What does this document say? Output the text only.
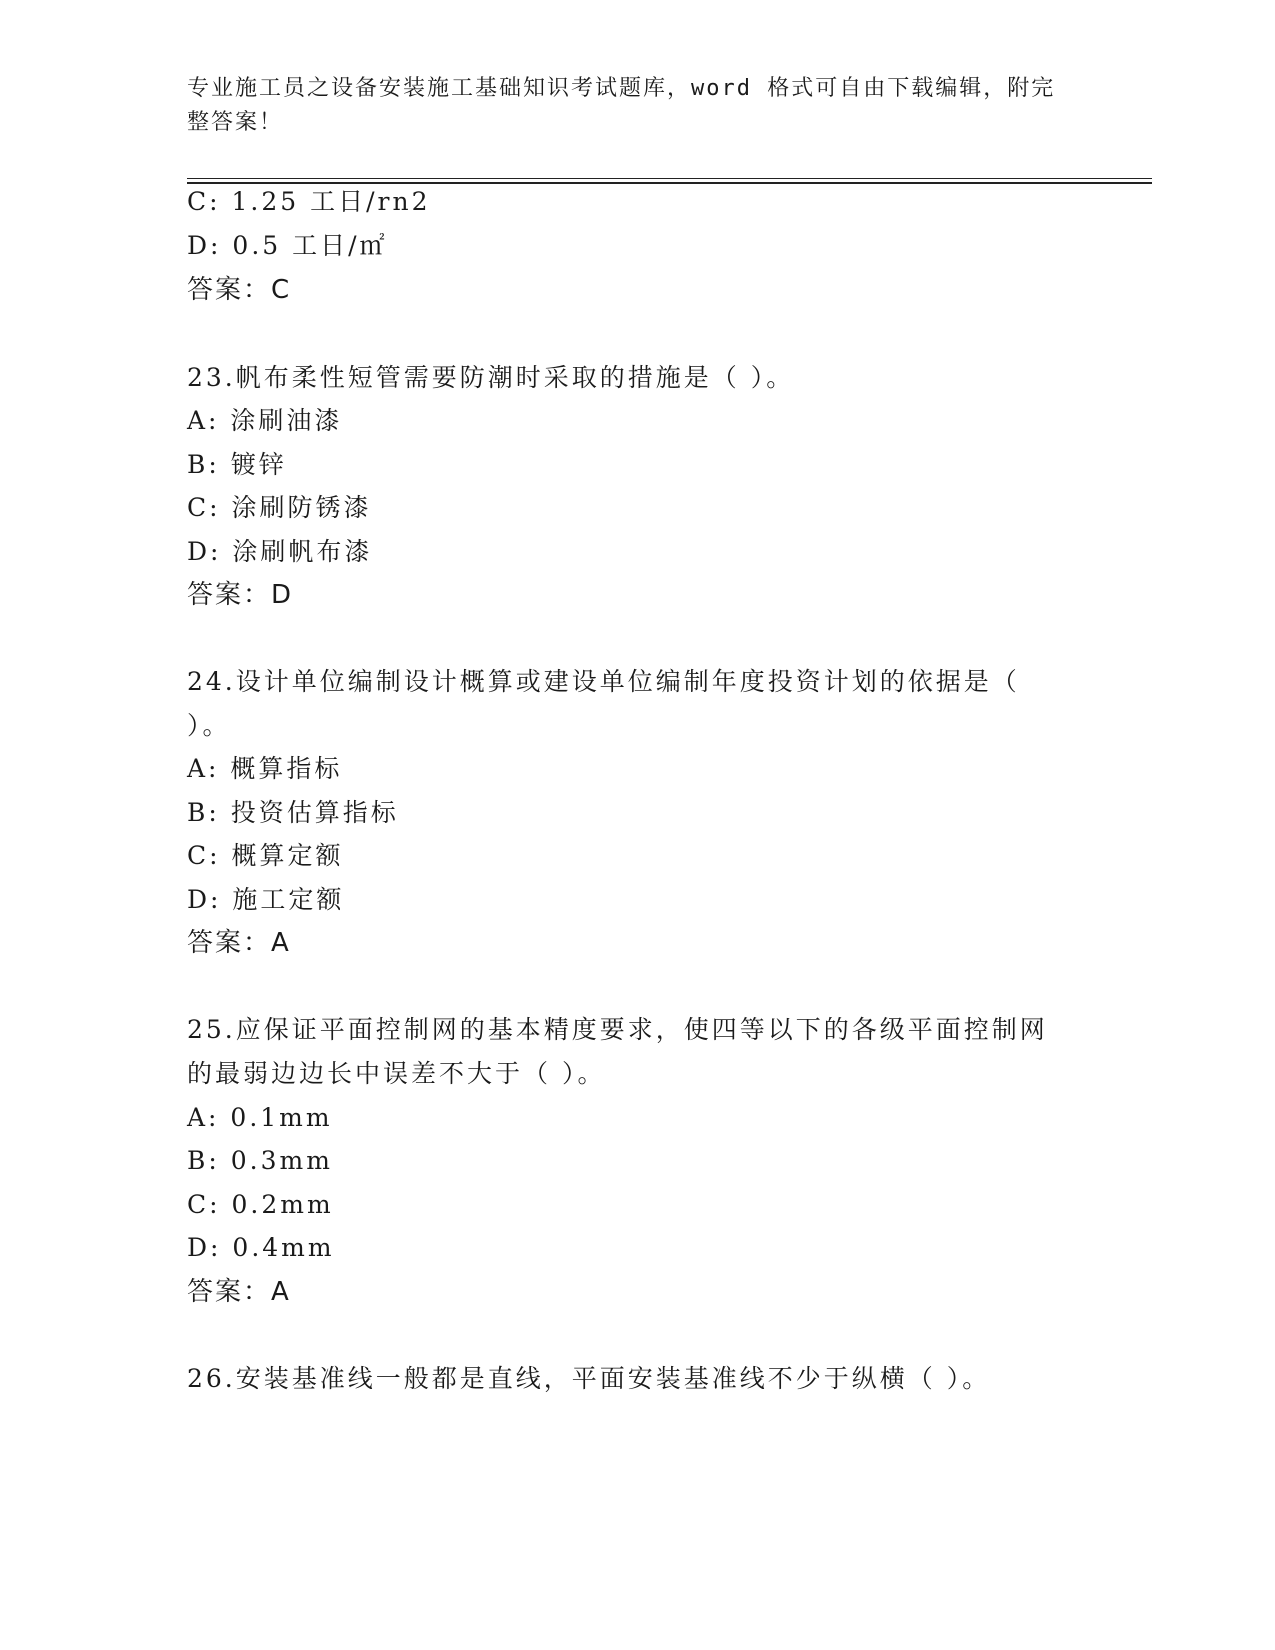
专业施工员之设备安装施工基础知识考试题库，word 格式可自由下载编辑，附完整答案！
C: 1.25 工日/rn2
D: 0.5 工日/㎡
答案：C
23.帆布柔性短管需要防潮时采取的措施是（ ）。
A: 涂刷油漆
B: 镀锌
C: 涂刷防锈漆
D: 涂刷帆布漆
答案：D
24.设计单位编制设计概算或建设单位编制年度投资计划的依据是（
）。
A: 概算指标
B: 投资估算指标
C: 概算定额
D: 施工定额
答案：A
25.应保证平面控制网的基本精度要求，使四等以下的各级平面控制网
的最弱边边长中误差不大于（ ）。
A: 0.1mm
B: 0.3mm
C: 0.2mm
D: 0.4mm
答案：A
26.安装基准线一般都是直线，平面安装基准线不少于纵横（ ）。
